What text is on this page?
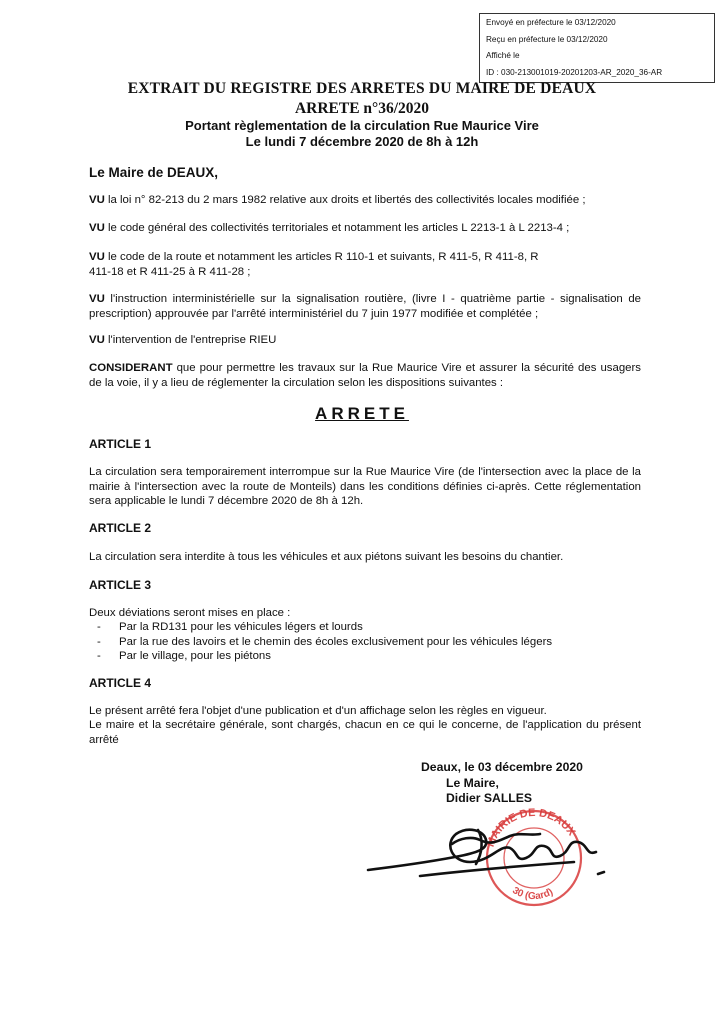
Envoyé en préfecture le 03/12/2020
Reçu en préfecture le 03/12/2020
Affiché le
ID : 030-213001019-20201203-AR_2020_36-AR
EXTRAIT DU REGISTRE DES ARRETES DU MAIRE DE DEAUX
ARRETE n°36/2020
Portant règlementation de la circulation Rue Maurice Vire
Le lundi 7 décembre 2020 de 8h à 12h
Le Maire de DEAUX,
VU la loi n° 82-213 du 2 mars 1982 relative aux droits et libertés des collectivités locales modifiée ;
VU le code général des collectivités territoriales et notamment les articles L 2213-1 à L 2213-4 ;
VU le code de la route et notamment les articles R 110-1 et suivants, R 411-5, R 411-8, R 411-18 et R 411-25 à R 411-28 ;
VU l'instruction interministérielle sur la signalisation routière, (livre I - quatrième partie - signalisation de prescription) approuvée par l'arrêté interministériel du 7 juin 1977 modifiée et complétée ;
VU l'intervention de l'entreprise RIEU
CONSIDERANT que pour permettre les travaux sur la Rue Maurice Vire et assurer la sécurité des usagers de la voie, il y a lieu de réglementer la circulation selon les dispositions suivantes :
ARRETE
ARTICLE 1
La circulation sera temporairement interrompue sur la Rue Maurice Vire (de l'intersection avec la place de la mairie à l'intersection avec la route de Monteils) dans les conditions définies ci-après. Cette réglementation sera applicable le lundi 7 décembre 2020 de 8h à 12h.
ARTICLE 2
La circulation sera interdite à tous les véhicules et aux piétons suivant les besoins du chantier.
ARTICLE 3
Deux déviations seront mises en place :
- Par la RD131 pour les véhicules légers et lourds
- Par la rue des lavoirs et le chemin des écoles exclusivement pour les véhicules légers
- Par le village, pour les piétons
ARTICLE 4
Le présent arrêté fera l'objet d'une publication et d'un affichage selon les règles en vigueur.
Le maire et la secrétaire générale, sont chargés, chacun en ce qui le concerne, de l'application du présent arrêté
Deaux, le 03 décembre 2020
Le Maire,
Didier SALLES
MAIRIE DE DEAUX
30 (Gard)
